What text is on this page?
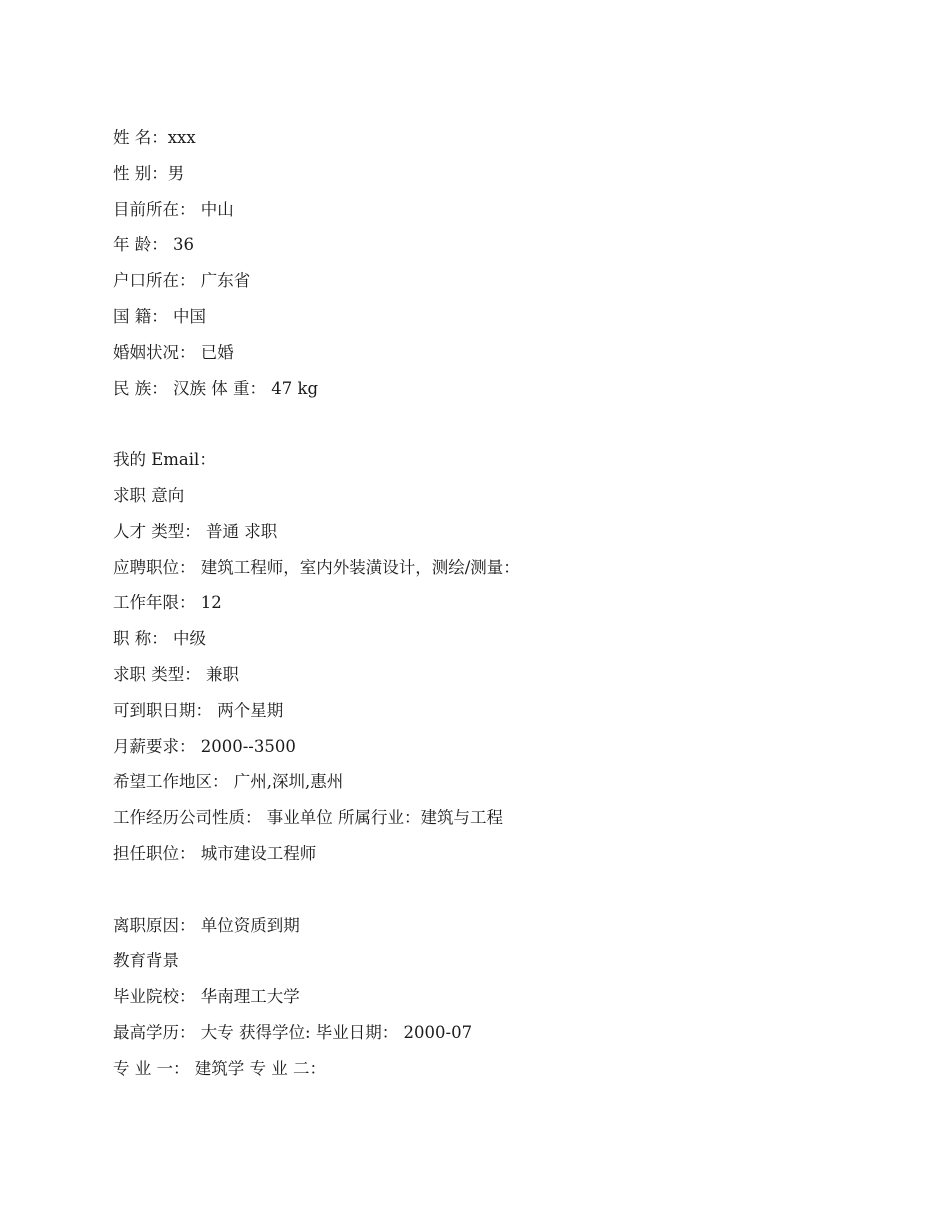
姓 名：xxx

性 别：男

目前所在： 中山

年 龄： 36

户口所在： 广东省

国 籍： 中国

婚姻状况： 已婚

民 族： 汉族 体 重： 47 kg

我的 Email：

求职 意向

人才 类型： 普通 求职

应聘职位： 建筑工程师，室内外装潢设计，测绘/测量：

工作年限： 12

职 称： 中级

求职 类型： 兼职

可到职日期： 两个星期

月薪要求： 2000--3500

希望工作地区： 广州,深圳,惠州

工作经历公司性质： 事业单位 所属行业：建筑与工程

担任职位： 城市建设工程师

离职原因： 单位资质到期

教育背景

毕业院校： 华南理工大学

最高学历： 大专 获得学位: 毕业日期： 2000-07

专 业 一： 建筑学 专 业 二：
